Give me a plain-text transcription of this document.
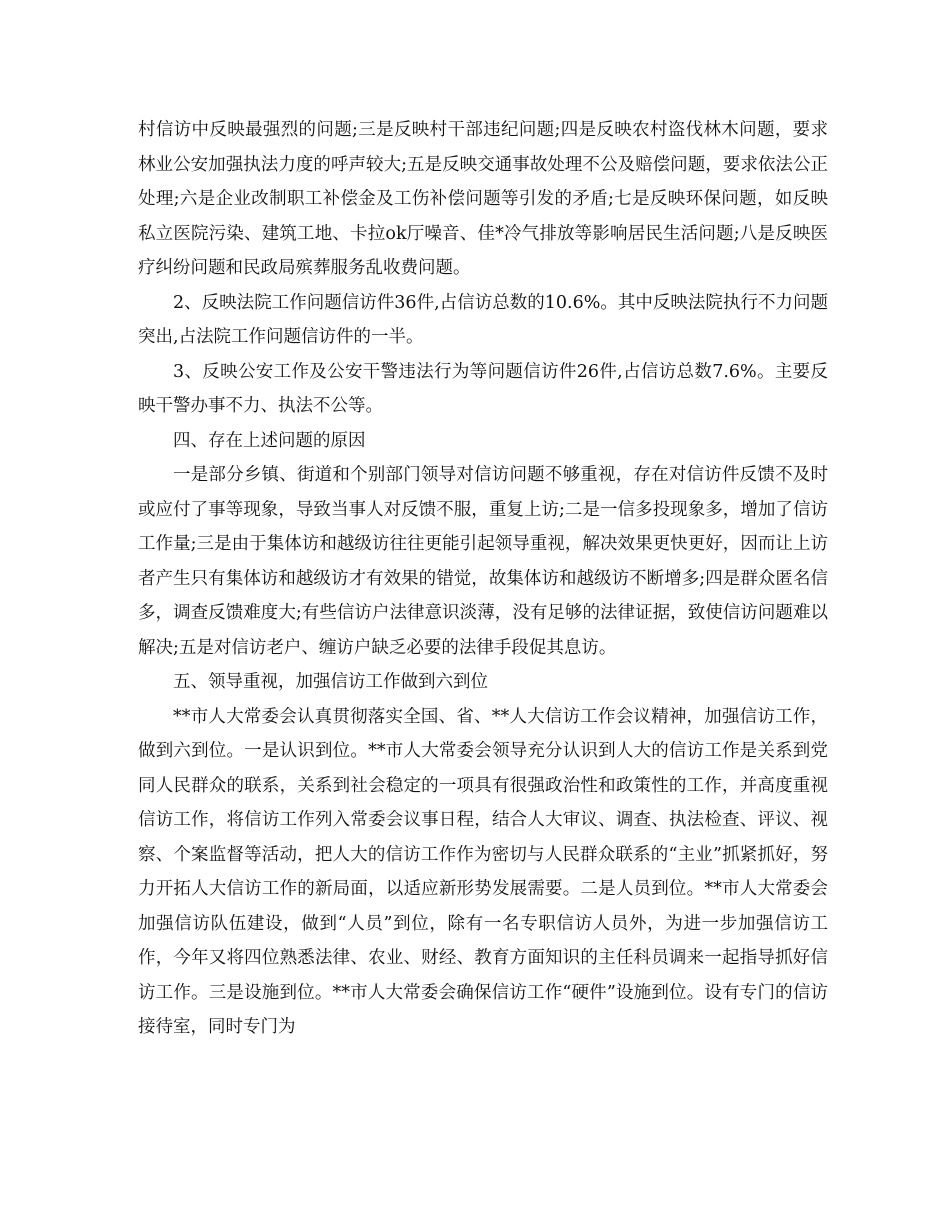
村信访中反映最强烈的问题;三是反映村干部违纪问题;四是反映农村盗伐林木问题，要求林业公安加强执法力度的呼声较大;五是反映交通事故处理不公及赔偿问题，要求依法公正处理;六是企业改制职工补偿金及工伤补偿问题等引发的矛盾;七是反映环保问题，如反映私立医院污染、建筑工地、卡拉ok厅噪音、佳*冷气排放等影响居民生活问题;八是反映医疗纠纷问题和民政局殡葬服务乱收费问题。

2、反映法院工作问题信访件36件,占信访总数的10.6%。其中反映法院执行不力问题突出,占法院工作问题信访件的一半。

3、反映公安工作及公安干警违法行为等问题信访件26件,占信访总数7.6%。主要反映干警办事不力、执法不公等。

四、存在上述问题的原因

一是部分乡镇、街道和个别部门领导对信访问题不够重视，存在对信访件反馈不及时或应付了事等现象，导致当事人对反馈不服，重复上访;二是一信多投现象多，增加了信访工作量;三是由于集体访和越级访往往更能引起领导重视，解决效果更快更好，因而让上访者产生只有集体访和越级访才有效果的错觉，故集体访和越级访不断增多;四是群众匿名信多，调查反馈难度大;有些信访户法律意识淡薄，没有足够的法律证据，致使信访问题难以解决;五是对信访老户、缠访户缺乏必要的法律手段促其息访。

五、领导重视，加强信访工作做到六到位

**市人大常委会认真贯彻落实全国、省、**人大信访工作会议精神，加强信访工作，做到六到位。一是认识到位。**市人大常委会领导充分认识到人大的信访工作是关系到党同人民群众的联系，关系到社会稳定的一项具有很强政治性和政策性的工作，并高度重视信访工作，将信访工作列入常委会议事日程，结合人大审议、调查、执法检查、评议、视察、个案监督等活动，把人大的信访工作作为密切与人民群众联系的“主业”抓紧抓好，努力开拓人大信访工作的新局面，以适应新形势发展需要。二是人员到位。**市人大常委会加强信访队伍建设，做到“人员”到位，除有一名专职信访人员外，为进一步加强信访工作，今年又将四位熟悉法律、农业、财经、教育方面知识的主任科员调来一起指导抓好信访工作。三是设施到位。**市人大常委会确保信访工作“硬件”设施到位。设有专门的信访接待室，同时专门为
